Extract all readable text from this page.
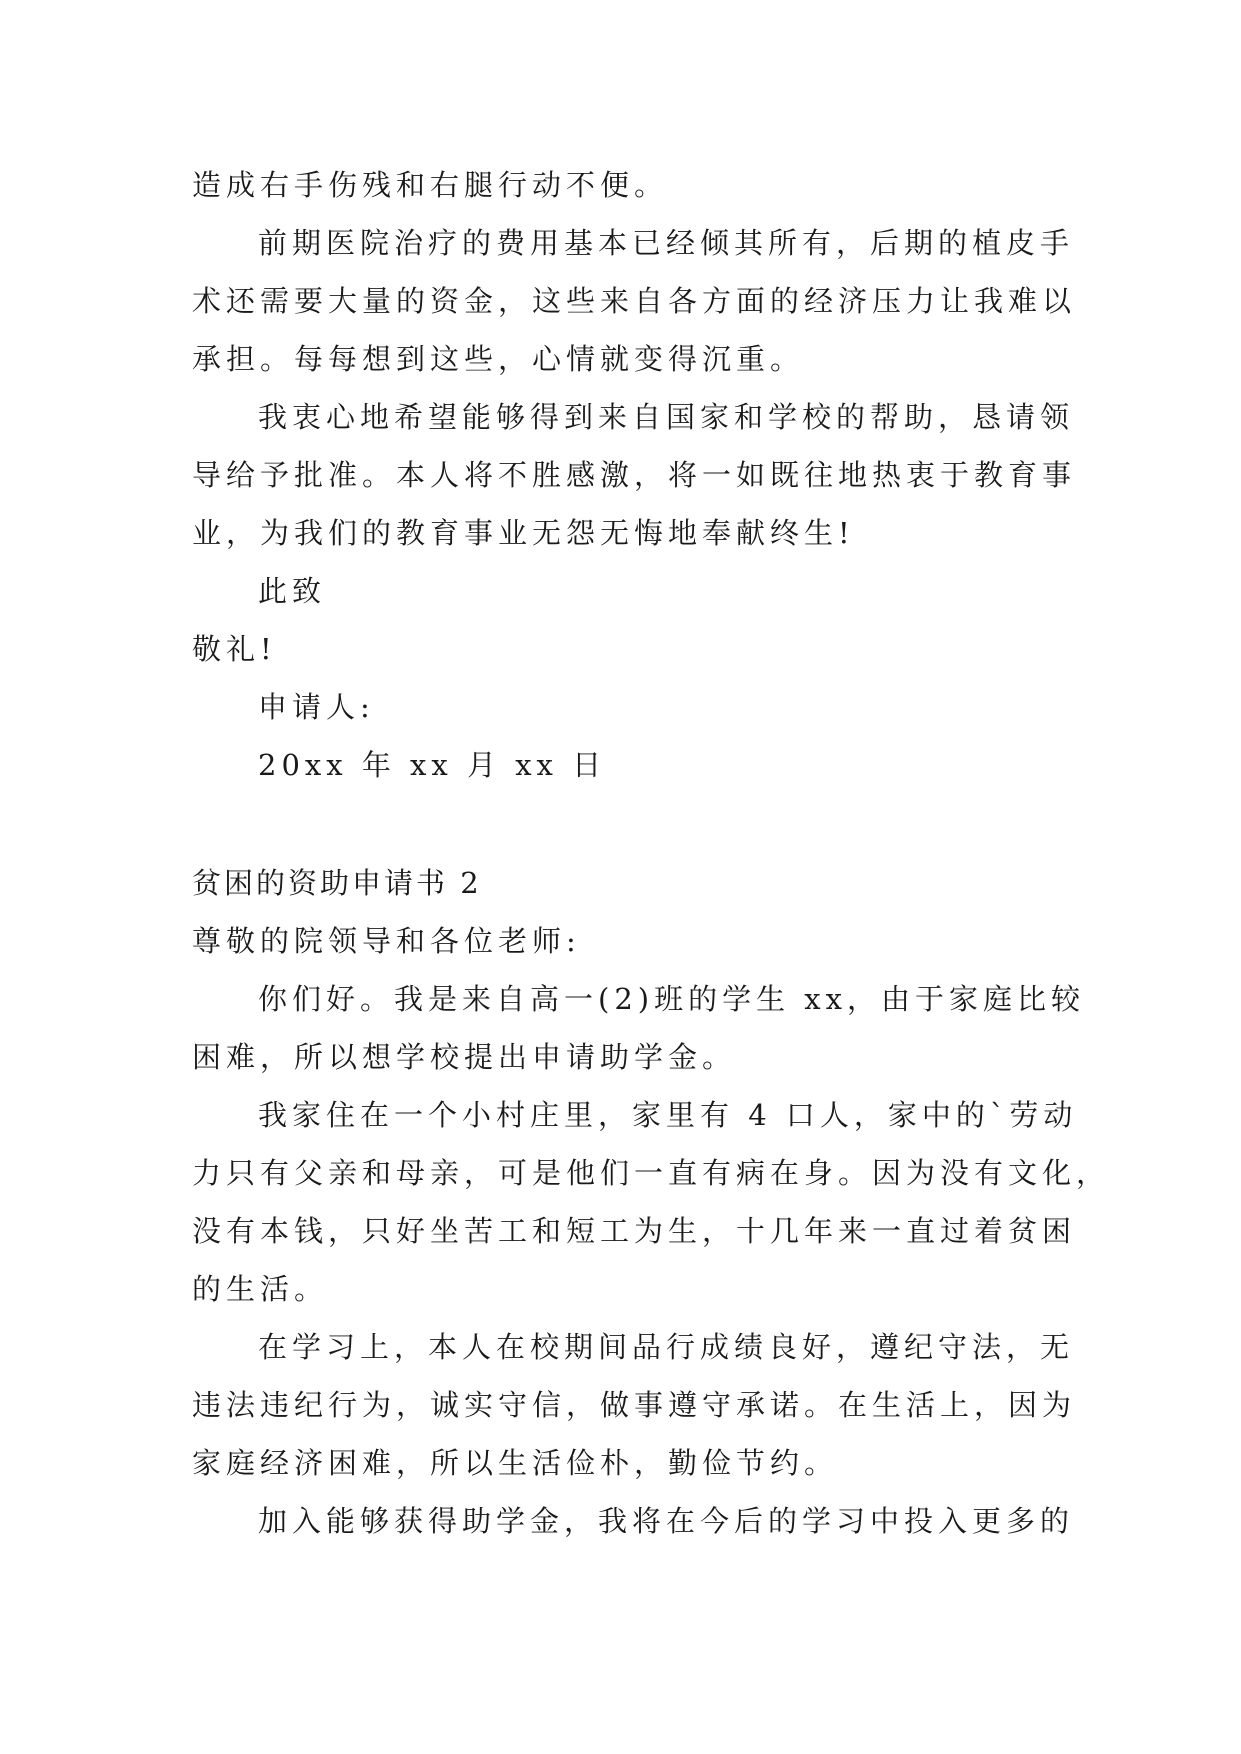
造成右手伤残和右腿行动不便。
前期医院治疗的费用基本已经倾其所有，后期的植皮手
术还需要大量的资金，这些来自各方面的经济压力让我难以
承担。每每想到这些，心情就变得沉重。
我衷心地希望能够得到来自国家和学校的帮助，恳请领
导给予批准。本人将不胜感激，将一如既往地热衷于教育事
业，为我们的教育事业无怨无悔地奉献终生!
此致
敬礼!
申请人:
20xx 年 xx 月 xx 日
贫困的资助申请书 2
尊敬的院领导和各位老师:
你们好。我是来自高一(2)班的学生 xx，由于家庭比较
困难，所以想学校提出申请助学金。
我家住在一个小村庄里，家里有 4 口人，家中的`劳动
力只有父亲和母亲，可是他们一直有病在身。因为没有文化，
没有本钱，只好坐苦工和短工为生，十几年来一直过着贫困
的生活。
在学习上，本人在校期间品行成绩良好，遵纪守法，无
违法违纪行为，诚实守信，做事遵守承诺。在生活上，因为
家庭经济困难，所以生活俭朴，勤俭节约。
加入能够获得助学金，我将在今后的学习中投入更多的
